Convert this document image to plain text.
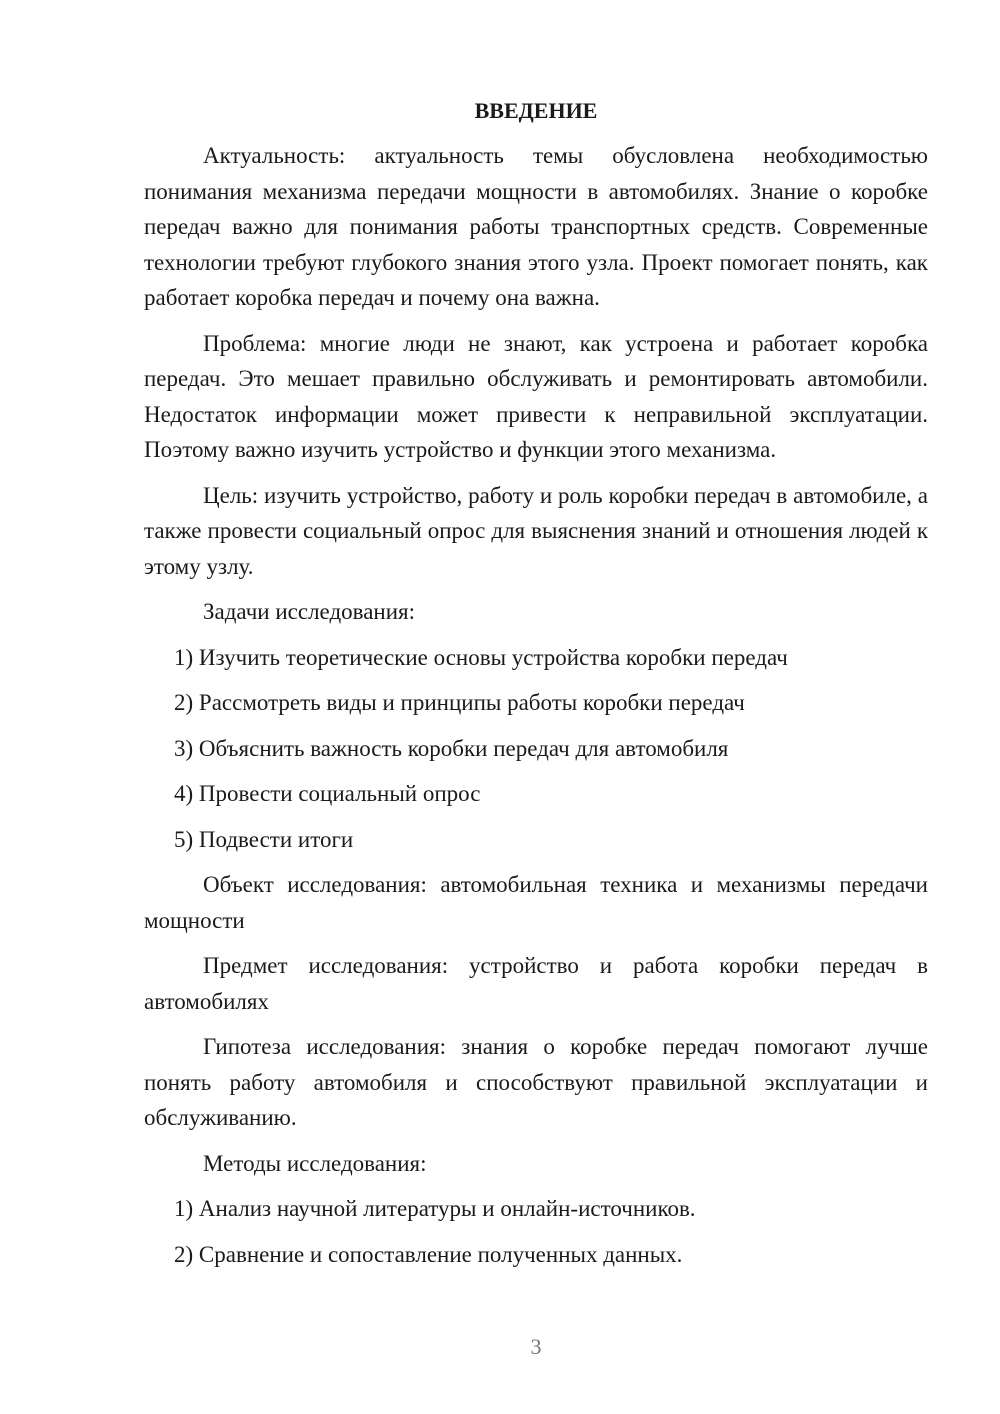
ВВЕДЕНИЕ

Актуальность: актуальность темы обусловлена необходимостью понимания механизма передачи мощности в автомобилях. Знание о коробке передач важно для понимания работы транспортных средств. Современные технологии требуют глубокого знания этого узла. Проект помогает понять, как работает коробка передач и почему она важна.

Проблема: многие люди не знают, как устроена и работает коробка передач. Это мешает правильно обслуживать и ремонтировать автомобили. Недостаток информации может привести к неправильной эксплуатации. Поэтому важно изучить устройство и функции этого механизма.

Цель: изучить устройство, работу и роль коробки передач в автомобиле, а также провести социальный опрос для выяснения знаний и отношения людей к этому узлу.

Задачи исследования:
1) Изучить теоретические основы устройства коробки передач
2) Рассмотреть виды и принципы работы коробки передач
3) Объяснить важность коробки передач для автомобиля
4) Провести социальный опрос
5) Подвести итоги

Объект исследования: автомобильная техника и механизмы передачи мощности

Предмет исследования: устройство и работа коробки передач в автомобилях

Гипотеза исследования: знания о коробке передач помогают лучше понять работу автомобиля и способствуют правильной эксплуатации и обслуживанию.

Методы исследования:
1) Анализ научной литературы и онлайн-источников.
2) Сравнение и сопоставление полученных данных.
3
